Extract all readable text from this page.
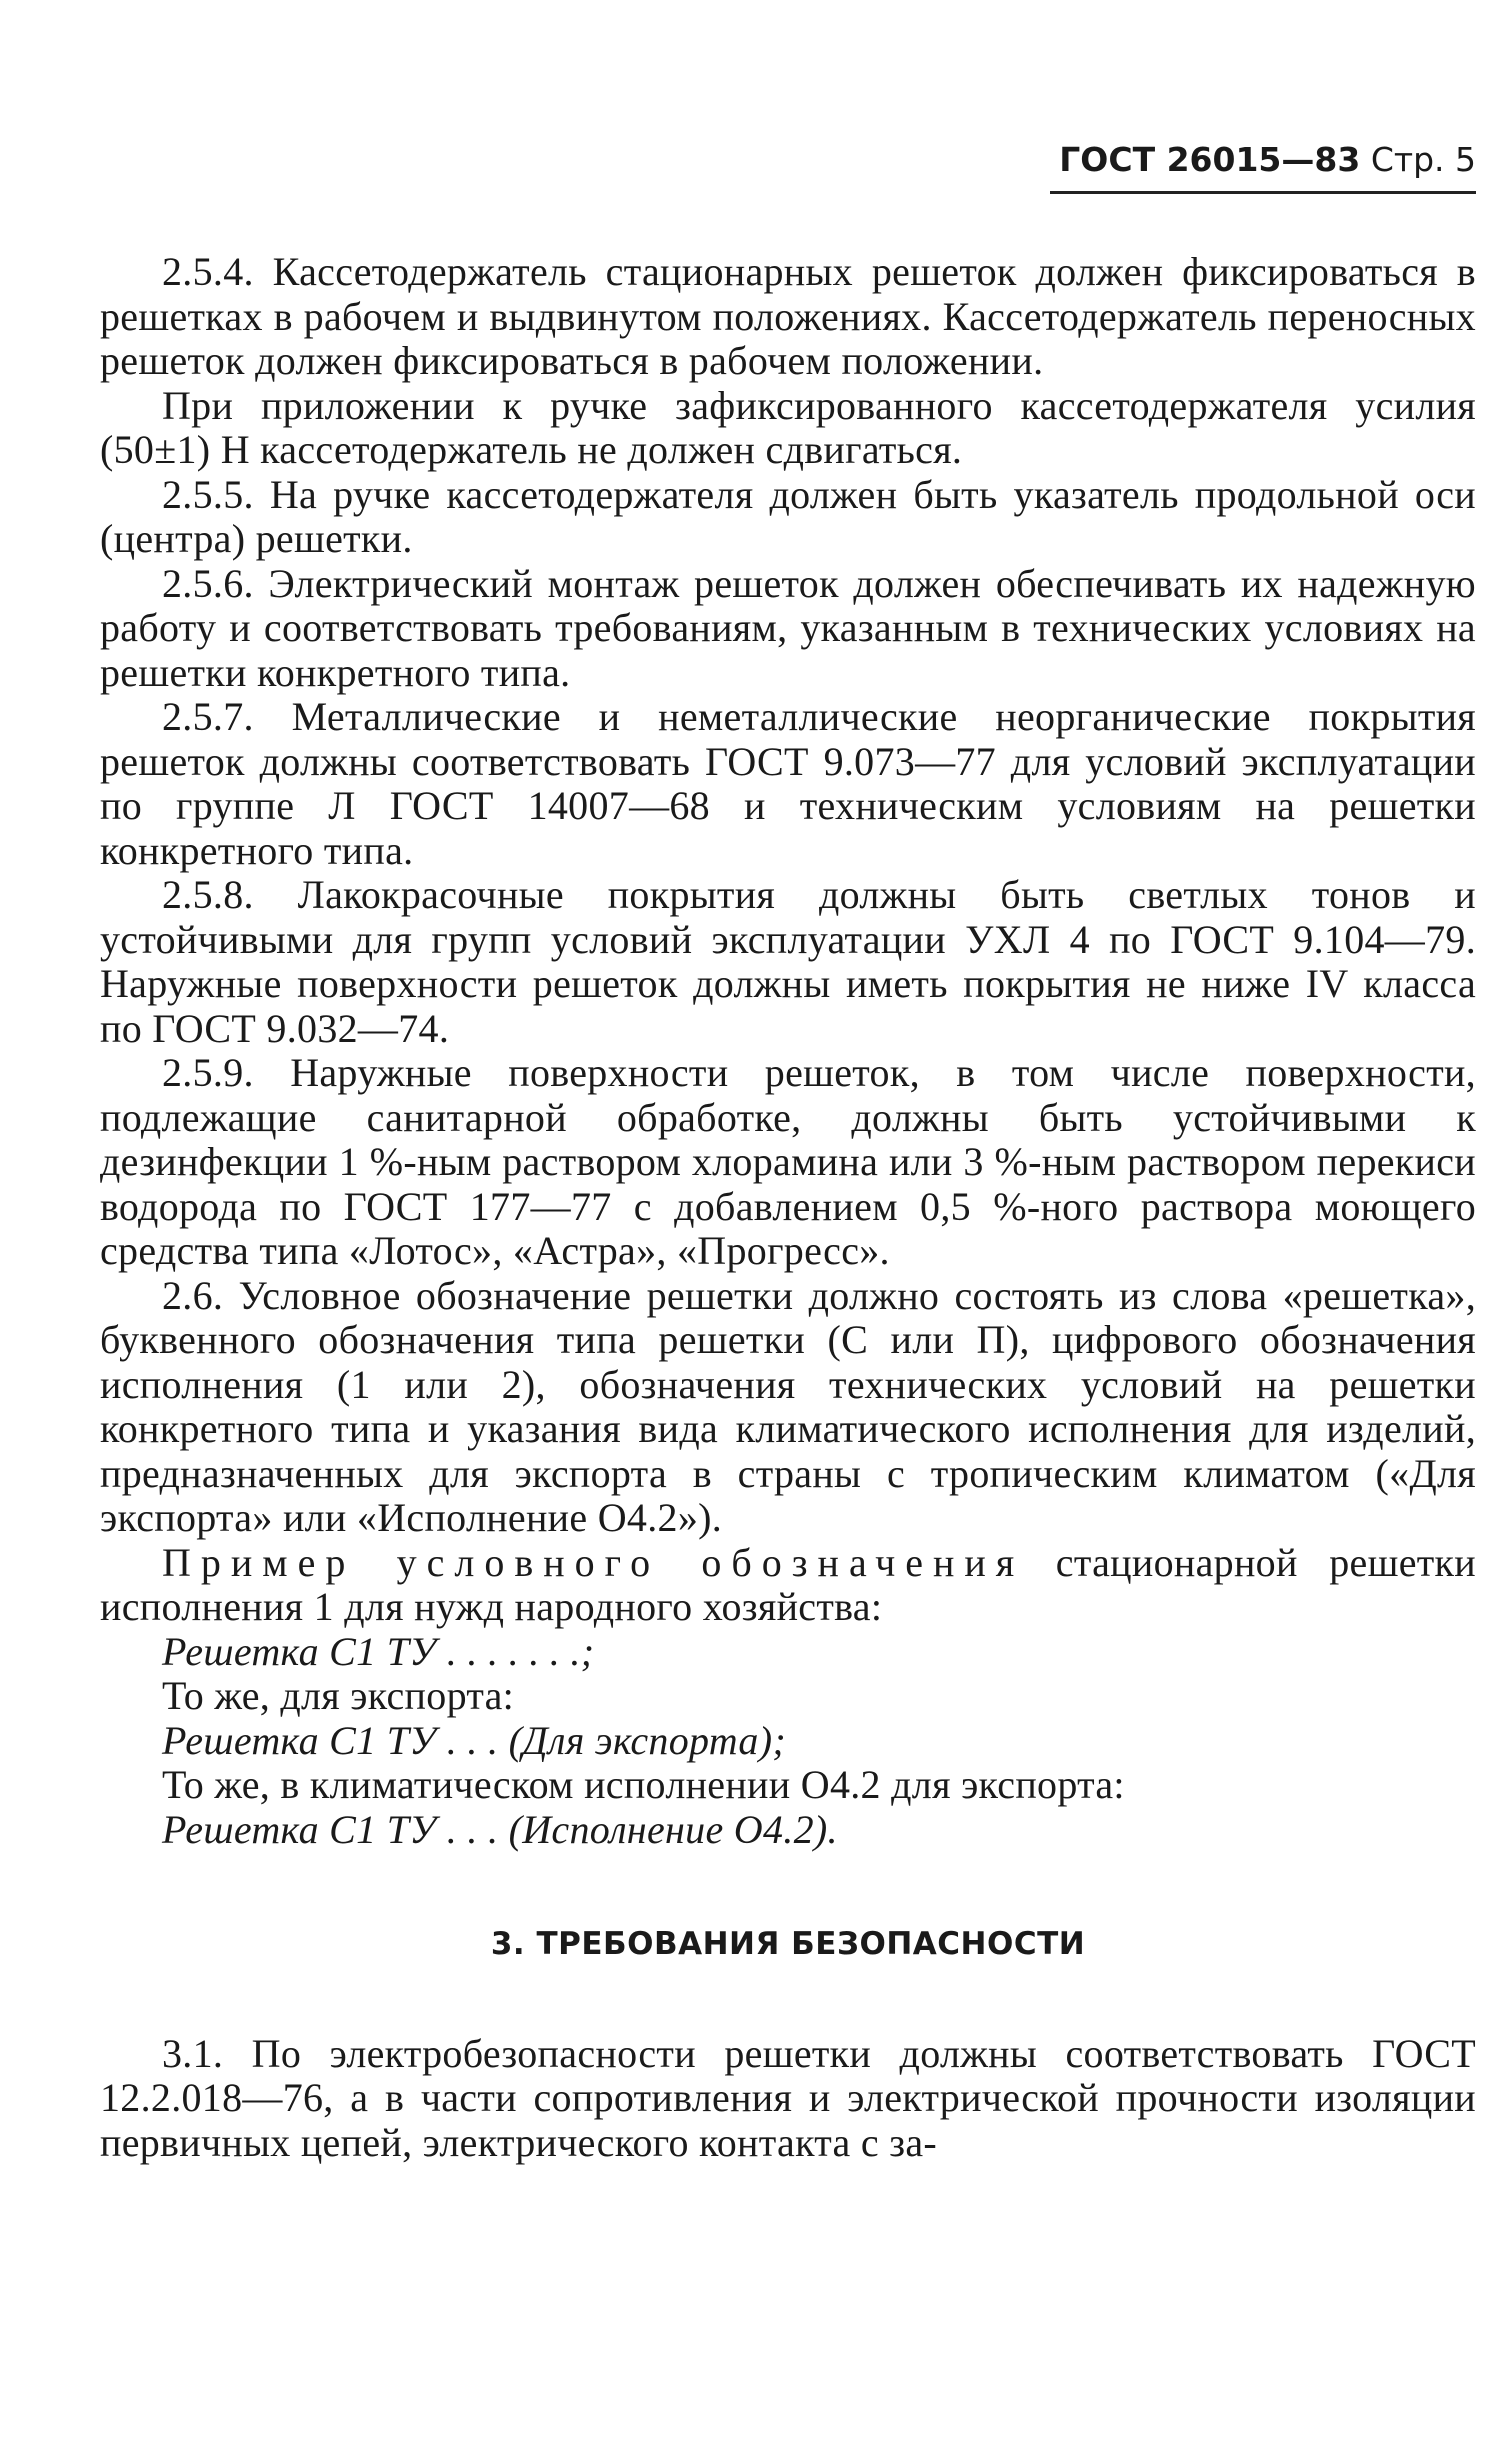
ГОСТ 26015—83 Стр. 5

2.5.4. Кассетодержатель стационарных решеток должен фиксироваться в решетках в рабочем и выдвинутом положениях. Кассетодержатель переносных решеток должен фиксироваться в рабочем положении.

При приложении к ручке зафиксированного кассетодержателя усилия (50±1) Н кассетодержатель не должен сдвигаться.

2.5.5. На ручке кассетодержателя должен быть указатель продольной оси (центра) решетки.

2.5.6. Электрический монтаж решеток должен обеспечивать их надежную работу и соответствовать требованиям, указанным в технических условиях на решетки конкретного типа.

2.5.7. Металлические и неметаллические неорганические покрытия решеток должны соответствовать ГОСТ 9.073—77 для условий эксплуатации по группе Л ГОСТ 14007—68 и техническим условиям на решетки конкретного типа.

2.5.8. Лакокрасочные покрытия должны быть светлых тонов и устойчивыми для групп условий эксплуатации УХЛ 4 по ГОСТ 9.104—79. Наружные поверхности решеток должны иметь покрытия не ниже IV класса по ГОСТ 9.032—74.

2.5.9. Наружные поверхности решеток, в том числе поверхности, подлежащие санитарной обработке, должны быть устойчивыми к дезинфекции 1 %-ным раствором хлорамина или 3 %-ным раствором перекиси водорода по ГОСТ 177—77 с добавлением 0,5 %-ного раствора моющего средства типа «Лотос», «Астра», «Прогресс».

2.6. Условное обозначение решетки должно состоять из слова «решетка», буквенного обозначения типа решетки (С или П), цифрового обозначения исполнения (1 или 2), обозначения технических условий на решетки конкретного типа и указания вида климатического исполнения для изделий, предназначенных для экспорта в страны с тропическим климатом («Для экспорта» или «Исполнение О4.2»).

Пример условного обозначения стационарной решетки исполнения 1 для нужд народного хозяйства:

Решетка С1 ТУ . . . . . . .;
То же, для экспорта:
Решетка С1 ТУ . . . (Для экспорта);
То же, в климатическом исполнении О4.2 для экспорта:
Решетка С1 ТУ . . . (Исполнение О4.2).
3. ТРЕБОВАНИЯ БЕЗОПАСНОСТИ

3.1. По электробезопасности решетки должны соответствовать ГОСТ 12.2.018—76, а в части сопротивления и электрической прочности изоляции первичных цепей, электрического контакта с за-
